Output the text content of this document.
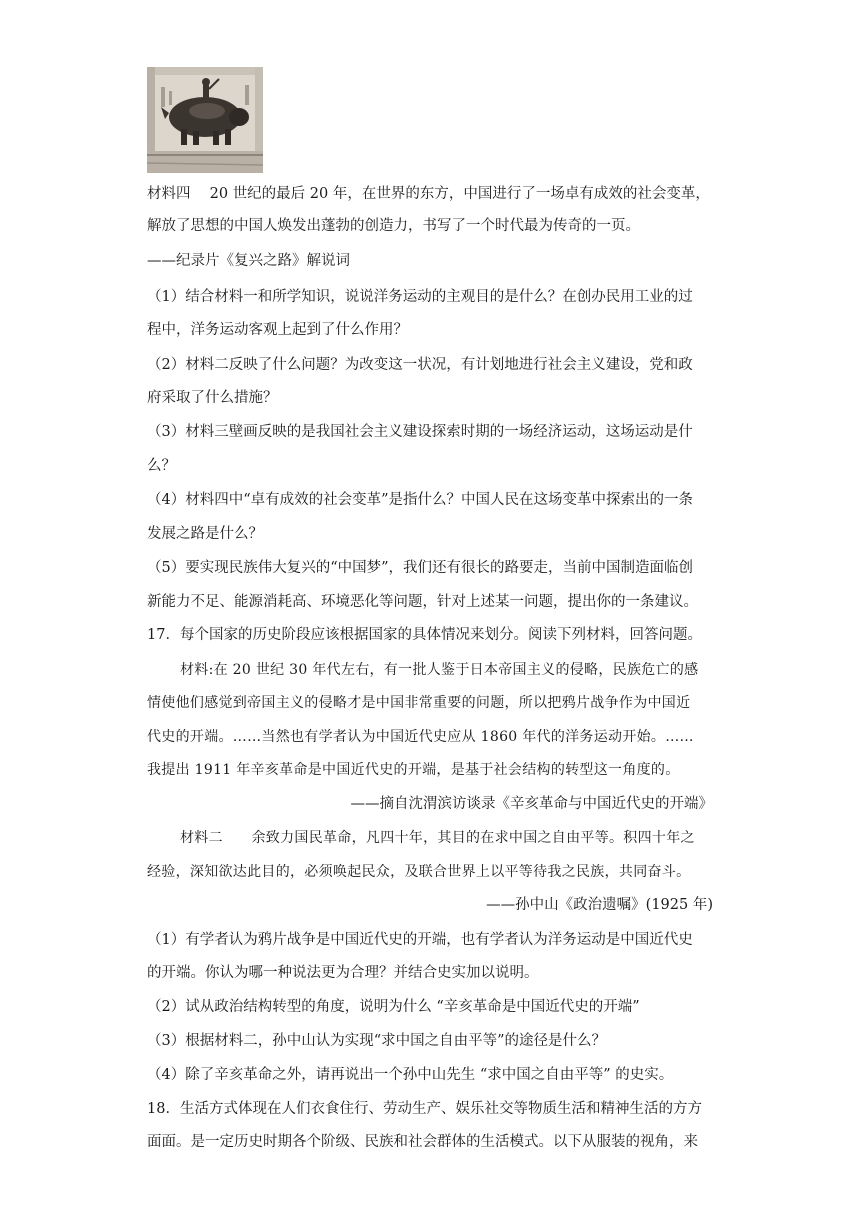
材料四　 20 世纪的最后 20 年，在世界的东方，中国进行了一场卓有成效的社会变革，
解放了思想的中国人焕发出蓬勃的创造力，书写了一个时代最为传奇的一页。
——纪录片《复兴之路》解说词
（1）结合材料一和所学知识，说说洋务运动的主观目的是什么？在创办民用工业的过
程中，洋务运动客观上起到了什么作用？
（2）材料二反映了什么问题？为改变这一状况，有计划地进行社会主义建设，党和政
府采取了什么措施？
（3）材料三壁画反映的是我国社会主义建设探索时期的一场经济运动，这场运动是什
么？
（4）材料四中“卓有成效的社会变革”是指什么？中国人民在这场变革中探索出的一条
发展之路是什么？
（5）要实现民族伟大复兴的“中国梦”，我们还有很长的路要走，当前中国制造面临创
新能力不足、能源消耗高、环境恶化等问题，针对上述某一问题，提出你的一条建议。
17．每个国家的历史阶段应该根据国家的具体情况来划分。阅读下列材料，回答问题。
材料:在 20 世纪 30 年代左右，有一批人鉴于日本帝国主义的侵略，民族危亡的感
情使他们感觉到帝国主义的侵略才是中国非常重要的问题，所以把鸦片战争作为中国近
代史的开端。……当然也有学者认为中国近代史应从 1860 年代的洋务运动开始。……
我提出 1911 年辛亥革命是中国近代史的开端，是基于社会结构的转型这一角度的。
——摘自沈渭滨访谈录《辛亥革命与中国近代史的开端》
材料二　　余致力国民革命，凡四十年，其目的在求中国之自由平等。积四十年之
经验，深知欲达此目的，必须唤起民众，及联合世界上以平等待我之民族，共同奋斗。
——孙中山《政治遗嘱》(1925 年)
（1）有学者认为鸦片战争是中国近代史的开端，也有学者认为洋务运动是中国近代史
的开端。你认为哪一种说法更为合理？并结合史实加以说明。
（2）试从政治结构转型的角度，说明为什么 “辛亥革命是中国近代史的开端”
（3）根据材料二，孙中山认为实现“求中国之自由平等”的途径是什么？
（4）除了辛亥革命之外，请再说出一个孙中山先生 “求中国之自由平等” 的史实。
18．生活方式体现在人们衣食住行、劳动生产、娱乐社交等物质生活和精神生活的方方
面面。是一定历史时期各个阶级、民族和社会群体的生活模式。以下从服装的视角，来
